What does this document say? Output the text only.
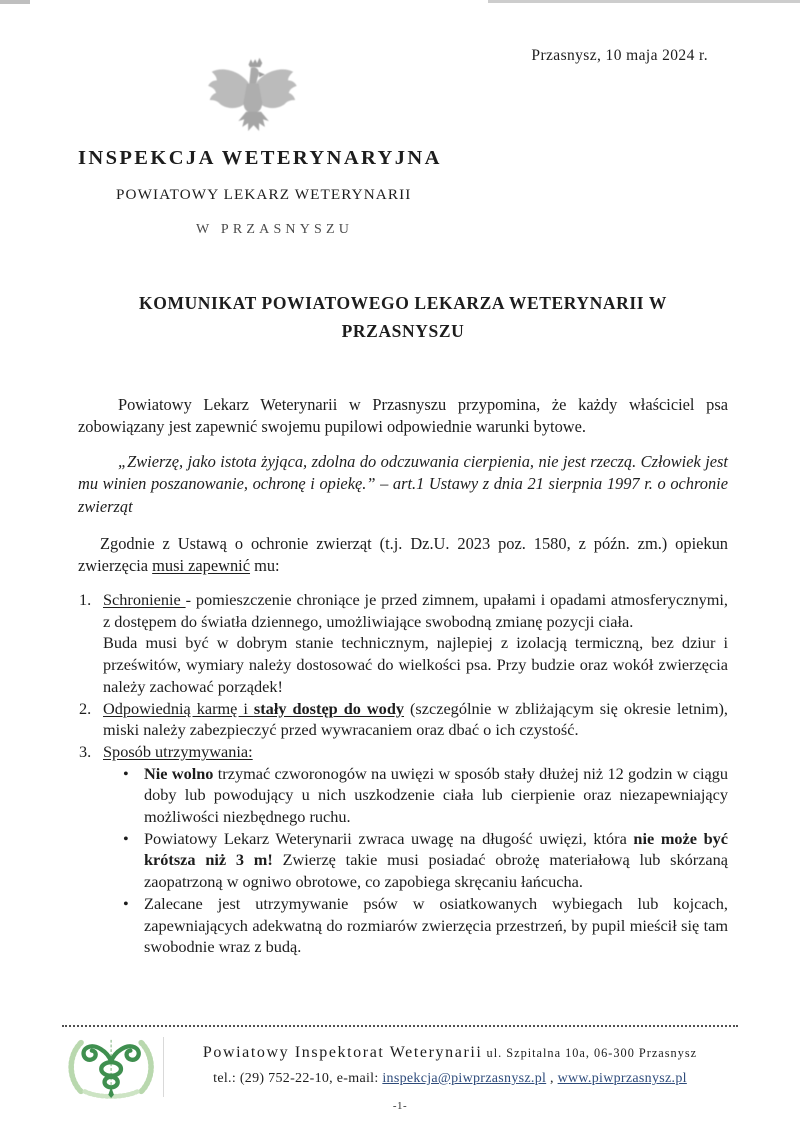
Przasnysz, 10 maja 2024 r.
INSPEKCJA WETERYNARYJNA
POWIATOWY LEKARZ WETERYNARII
W PRZASNYSZU
KOMUNIKAT POWIATOWEGO LEKARZA WETERYNARII W
PRZASNYSZU

Powiatowy Lekarz Weterynarii w Przasnyszu przypomina, że każdy właściciel psa zobowiązany jest zapewnić swojemu pupilowi odpowiednie warunki bytowe.

„Zwierzę, jako istota żyjąca, zdolna do odczuwania cierpienia, nie jest rzeczą. Człowiek jest mu winien poszanowanie, ochronę i opiekę.” – art.1 Ustawy z dnia 21 sierpnia 1997 r. o ochronie zwierząt

Zgodnie z Ustawą o ochronie zwierząt (t.j. Dz.U. 2023 poz. 1580, z późn. zm.) opiekun zwierzęcia musi zapewnić mu:

1. Schronienie - pomieszczenie chroniące je przed zimnem, upałami i opadami atmosferycznymi, z dostępem do światła dziennego, umożliwiające swobodną zmianę pozycji ciała.
Buda musi być w dobrym stanie technicznym, najlepiej z izolacją termiczną, bez dziur i prześwitów, wymiary należy dostosować do wielkości psa. Przy budzie oraz wokół zwierzęcia należy zachować porządek!
2. Odpowiednią karmę i stały dostęp do wody (szczególnie w zbliżającym się okresie letnim), miski należy zabezpieczyć przed wywracaniem oraz dbać o ich czystość.
3. Sposób utrzymywania:
• Nie wolno trzymać czworonogów na uwięzi w sposób stały dłużej niż 12 godzin w ciągu doby lub powodujący u nich uszkodzenie ciała lub cierpienie oraz niezapewniający możliwości niezbędnego ruchu.
• Powiatowy Lekarz Weterynarii zwraca uwagę na długość uwięzi, która nie może być krótsza niż 3 m! Zwierzę takie musi posiadać obrożę materiałową lub skórzaną zaopatrzoną w ogniwo obrotowe, co zapobiega skręcaniu łańcucha.
• Zalecane jest utrzymywanie psów w osiatkowanych wybiegach lub kojcach, zapewniających adekwatną do rozmiarów zwierzęcia przestrzeń, by pupil mieścił się tam swobodnie wraz z budą.
Powiatowy Inspektorat Weterynarii ul. Szpitalna 10a, 06-300 Przasnysz
tel.: (29) 752-22-10, e-mail: inspekcja@piwprzasnysz.pl , www.piwprzasnysz.pl
-1-
